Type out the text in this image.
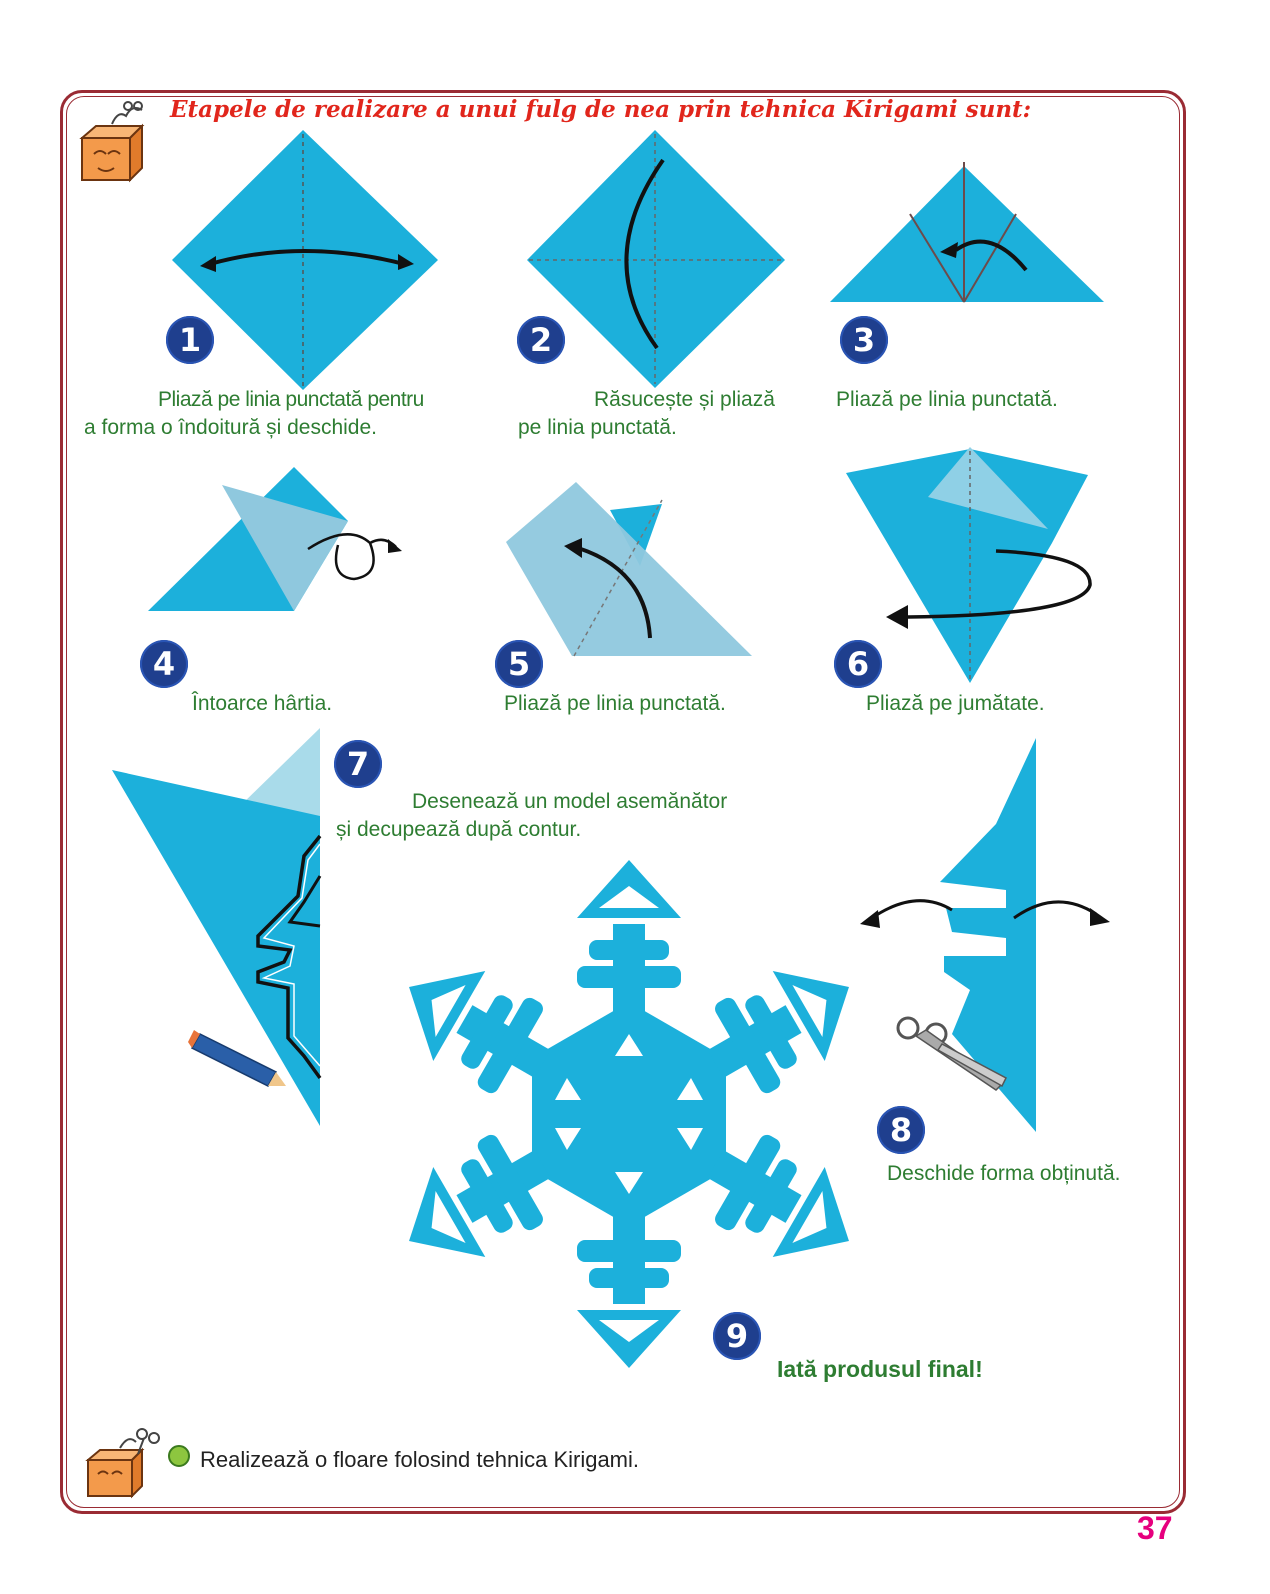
Etapele de realizare a unui fulg de nea prin tehnica Kirigami sunt:
1

Pliază pe linia punctată pentru

a forma o îndoitură și deschide.

2

Răsucește și pliază

pe linia punctată.

3

Pliază pe linia punctată.

4

Întoarce hârtia.

5

Pliază pe linia punctată.

6

Pliază pe jumătate.

7

Desenează un model asemănător

și decupează după contur.

8

Deschide forma obținută.

9

Iată produsul final!

Realizează o floare folosind tehnica Kirigami.

37
